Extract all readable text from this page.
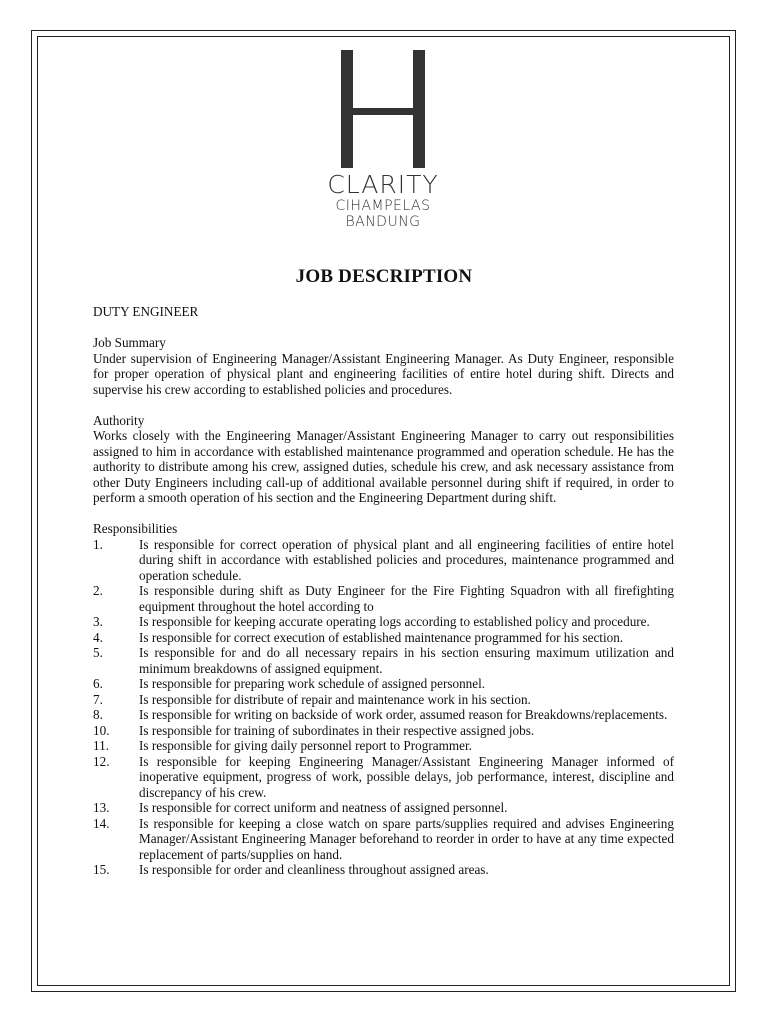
CLARITY
CIHAMPELAS
BANDUNG
JOB DESCRIPTION

DUTY ENGINEER

Job Summary

Under supervision of Engineering Manager/Assistant Engineering Manager. As Duty Engineer, responsible for proper operation of physical plant and engineering facilities of entire hotel during shift. Directs and supervise his crew according to established policies and procedures.

Authority

Works closely with the Engineering Manager/Assistant Engineering Manager to carry out responsibilities assigned to him in accordance with established maintenance programmed and operation schedule. He has the authority to distribute among his crew, assigned duties, schedule his crew, and ask necessary assistance from other Duty Engineers including call-up of additional available personnel during shift if required, in order to perform a smooth operation of his section and the Engineering Department during shift.

Responsibilities

1.	Is responsible for correct operation of physical plant and all engineering facilities of entire hotel during shift in accordance with established policies and procedures, maintenance programmed and operation schedule.
2.	Is responsible during shift as Duty Engineer for the Fire Fighting Squadron with all firefighting equipment throughout the hotel according to
3.	Is responsible for keeping accurate operating logs according to established policy and procedure.
4.	Is responsible for correct execution of established maintenance programmed for his section.
5.	Is responsible for and do all necessary repairs in his section ensuring maximum utilization and minimum breakdowns of assigned equipment.
6.	Is responsible for preparing work schedule of assigned personnel.
7.	Is responsible for distribute of repair and maintenance work in his section.
8.	Is responsible for writing on backside of work order, assumed reason for Breakdowns/replacements.
10.	Is responsible for training of subordinates in their respective assigned jobs.
11.	Is responsible for giving daily personnel report to Programmer.
12.	Is responsible for keeping Engineering Manager/Assistant Engineering Manager informed of inoperative equipment, progress of work, possible delays, job performance, interest, discipline and discrepancy of his crew.
13.	Is responsible for correct uniform and neatness of assigned personnel.
14.	Is responsible for keeping a close watch on spare parts/supplies required and advises Engineering Manager/Assistant Engineering Manager beforehand to reorder in order to have at any time expected replacement of parts/supplies on hand.
15.	Is responsible for order and cleanliness throughout assigned areas.
